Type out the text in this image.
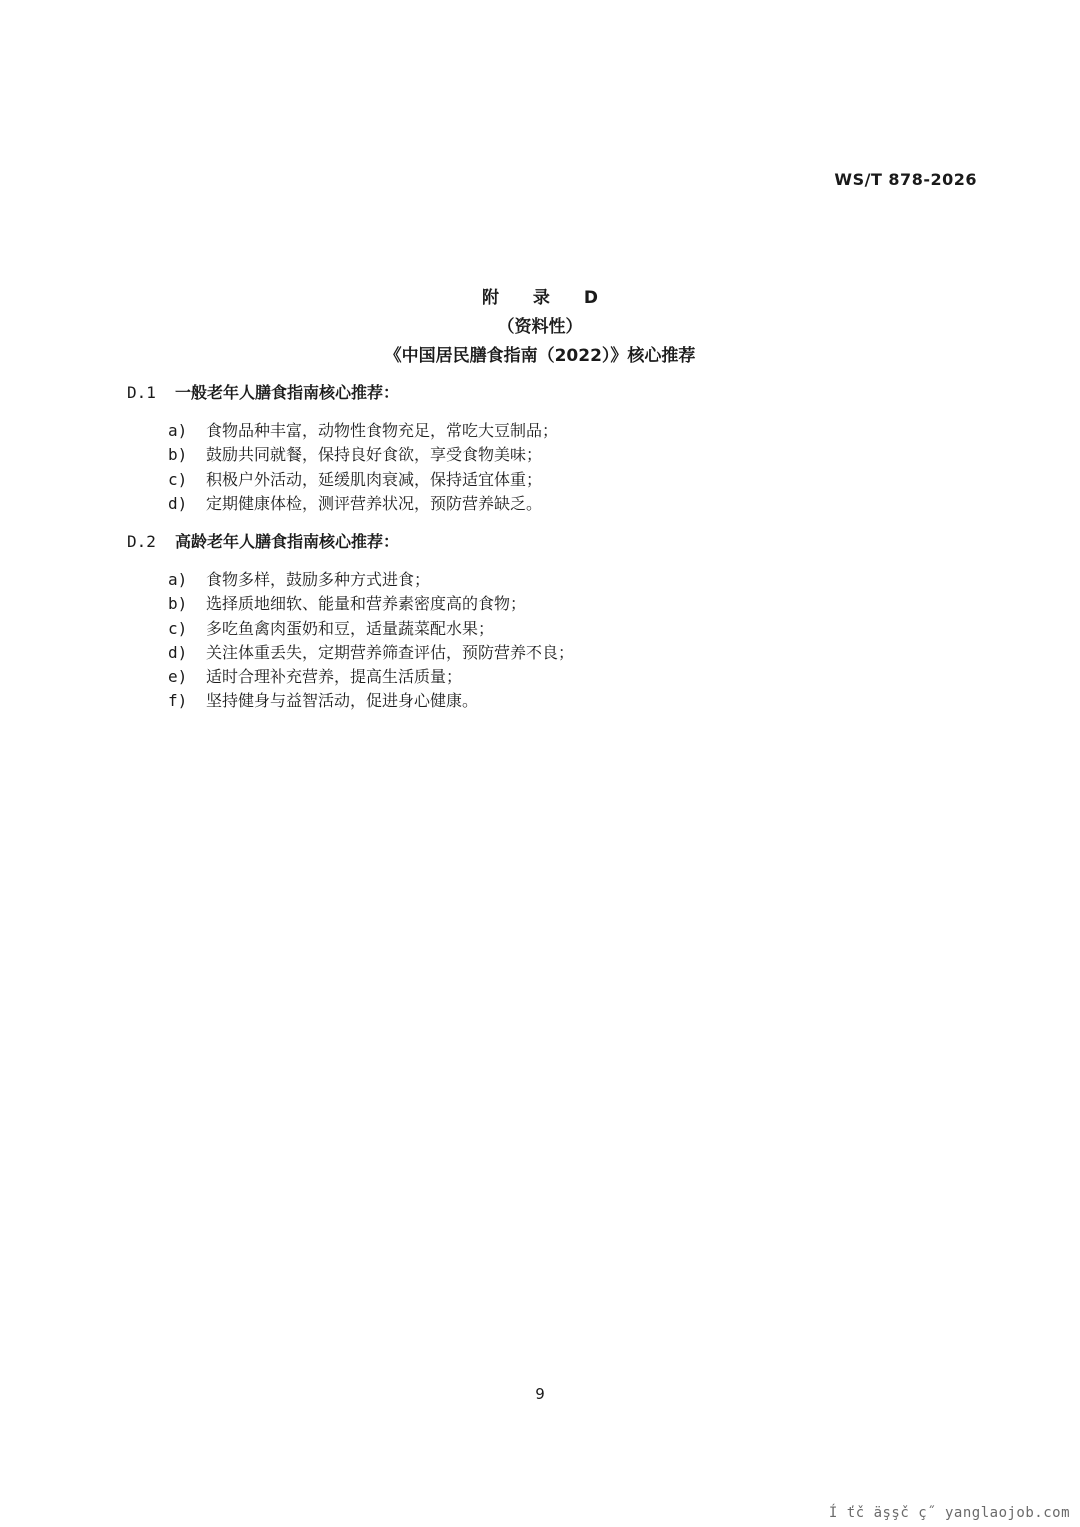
WS/T 878-2026
附 录 D
（资料性）
《中国居民膳食指南（2022）》核心推荐
D.1	一般老年人膳食指南核心推荐：
a)	食物品种丰富，动物性食物充足，常吃大豆制品；
b)	鼓励共同就餐，保持良好食欲，享受食物美味；
c)	积极户外活动，延缓肌肉衰减，保持适宜体重；
d)	定期健康体检，测评营养状况，预防营养缺乏。
D.2	高龄老年人膳食指南核心推荐：
a)	食物多样，鼓励多种方式进食；
b)	选择质地细软、能量和营养素密度高的食物；
c)	多吃鱼禽肉蛋奶和豆，适量蔬菜配水果；
d)	关注体重丢失，定期营养筛查评估，预防营养不良；
e)	适时合理补充营养，提高生活质量；
f)	坚持健身与益智活动，促进身心健康。
9
Í ťč äşşč ç˝ yanglaojob.com
